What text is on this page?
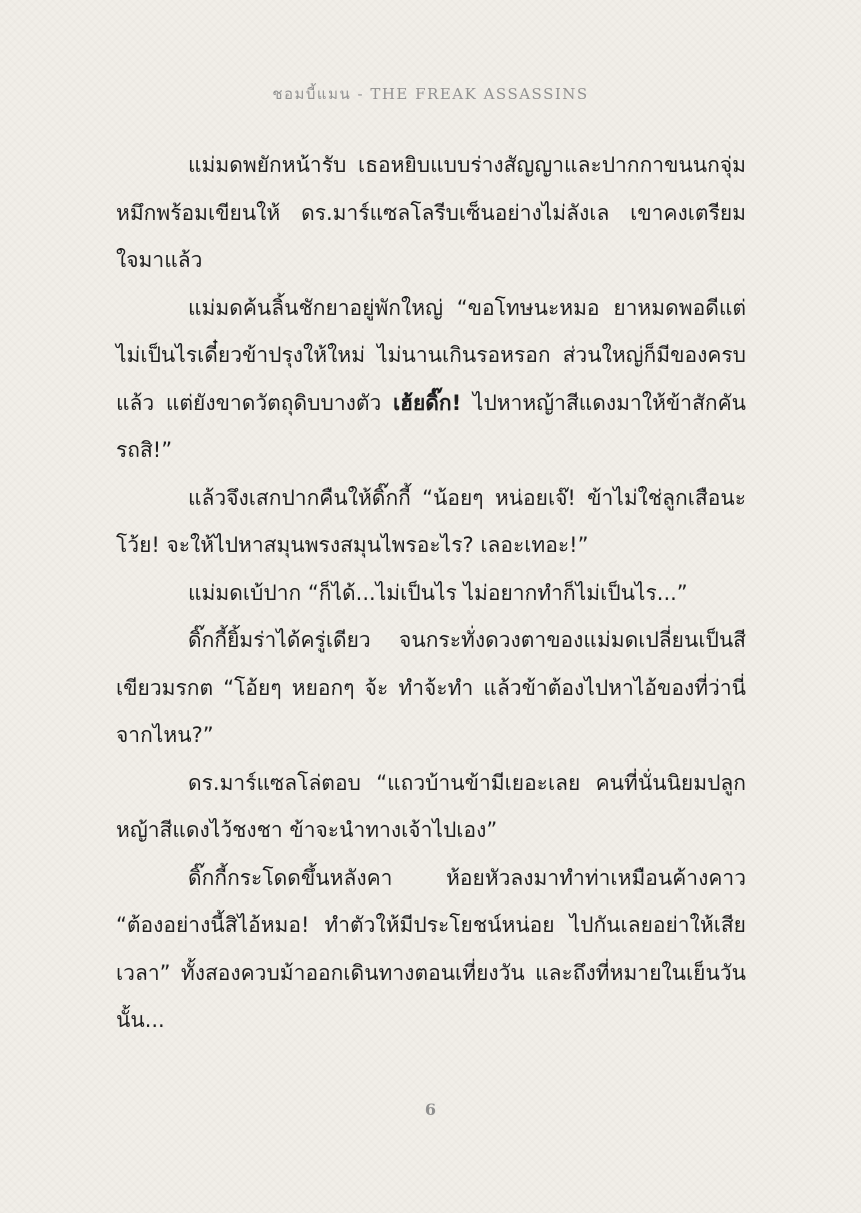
ชอมบี้แมน - THE FREAK ASSASSINS

แม่มดพยักหน้ารับ เธอหยิบแบบร่างสัญญาและปากกาขนนกจุ่มหมึกพร้อมเขียนให้ ดร.มาร์แซลโลรีบเซ็นอย่างไม่ลังเล เขาคงเตรียมใจมาแล้ว

แม่มดค้นลิ้นชักยาอยู่พักใหญ่ “ขอโทษนะหมอ ยาหมดพอดีแต่ไม่เป็นไรเดี๋ยวข้าปรุงให้ใหม่ ไม่นานเกินรอหรอก ส่วนใหญ่ก็มีของครบแล้ว แต่ยังขาดวัตถุดิบบางตัว เฮ้ยดิ๊ก! ไปหาหญ้าสีแดงมาให้ข้าสักคันรถสิ!”

แล้วจึงเสกปากคืนให้ดิ๊กกี้ “น้อยๆ หน่อยเจ๊! ข้าไม่ใช่ลูกเสือนะโว้ย! จะให้ไปหาสมุนพรงสมุนไพรอะไร? เลอะเทอะ!”

แม่มดเบ้ปาก “ก็ได้...ไม่เป็นไร ไม่อยากทำก็ไม่เป็นไร...”

ดิ๊กกี้ยิ้มร่าได้ครู่เดียว จนกระทั่งดวงตาของแม่มดเปลี่ยนเป็นสีเขียวมรกต “โอ้ยๆ หยอกๆ จ้ะ ทำจ้ะทำ แล้วข้าต้องไปหาไอ้ของที่ว่านี่จากไหน?”

ดร.มาร์แซลโล่ตอบ “แถวบ้านข้ามีเยอะเลย คนที่นั่นนิยมปลูกหญ้าสีแดงไว้ชงชา ข้าจะนำทางเจ้าไปเอง”

ดิ๊กกี้กระโดดขึ้นหลังคา ห้อยหัวลงมาทำท่าเหมือนค้างคาว “ต้องอย่างนี้สิไอ้หมอ! ทำตัวให้มีประโยชน์หน่อย ไปกันเลยอย่าให้เสียเวลา” ทั้งสองควบม้าออกเดินทางตอนเที่ยงวัน และถึงที่หมายในเย็นวันนั้น...

6
